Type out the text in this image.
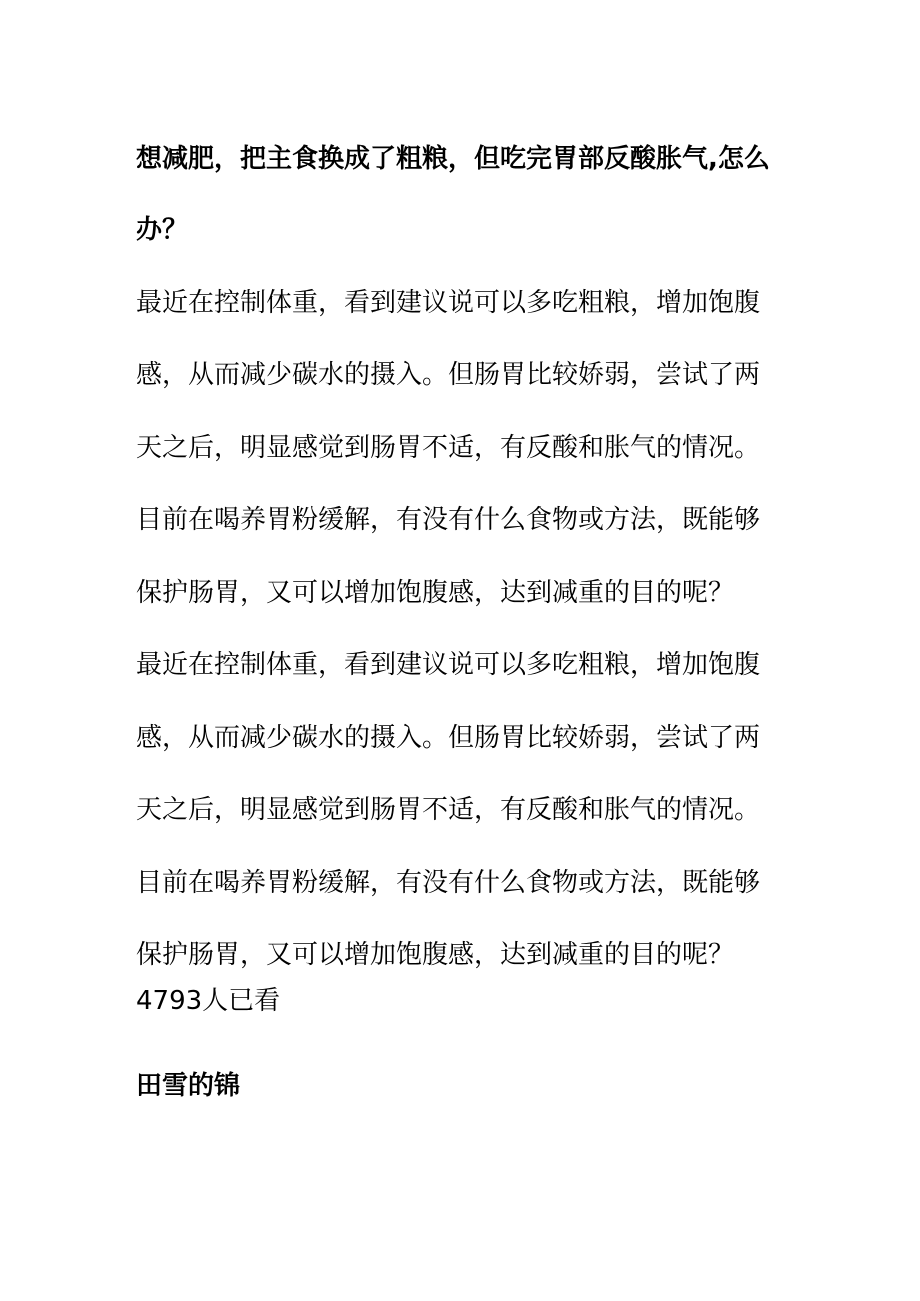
想减肥，把主食换成了粗粮，但吃完胃部反酸胀气,怎么
办？
最近在控制体重，看到建议说可以多吃粗粮，增加饱腹
感，从而减少碳水的摄入。但肠胃比较娇弱，尝试了两
天之后，明显感觉到肠胃不适，有反酸和胀气的情况。
目前在喝养胃粉缓解，有没有什么食物或方法，既能够
保护肠胃，又可以增加饱腹感，达到减重的目的呢？
最近在控制体重，看到建议说可以多吃粗粮，增加饱腹
感，从而减少碳水的摄入。但肠胃比较娇弱，尝试了两
天之后，明显感觉到肠胃不适，有反酸和胀气的情况。
目前在喝养胃粉缓解，有没有什么食物或方法，既能够
保护肠胃，又可以增加饱腹感，达到减重的目的呢？
4793人已看
田雪的锦
